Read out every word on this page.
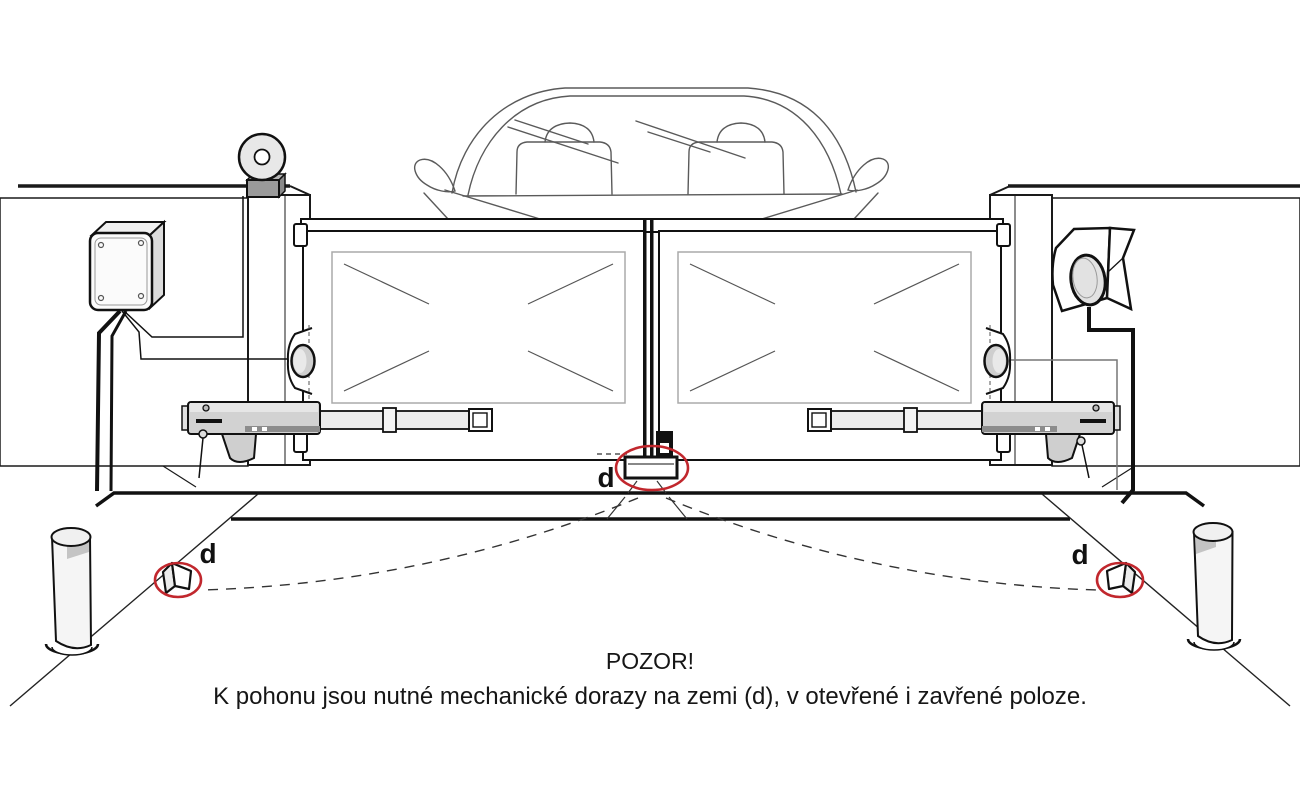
d
d	d
POZOR!
K pohonu jsou nutné mechanické dorazy na zemi (d), v otevřené i zavřené poloze.
